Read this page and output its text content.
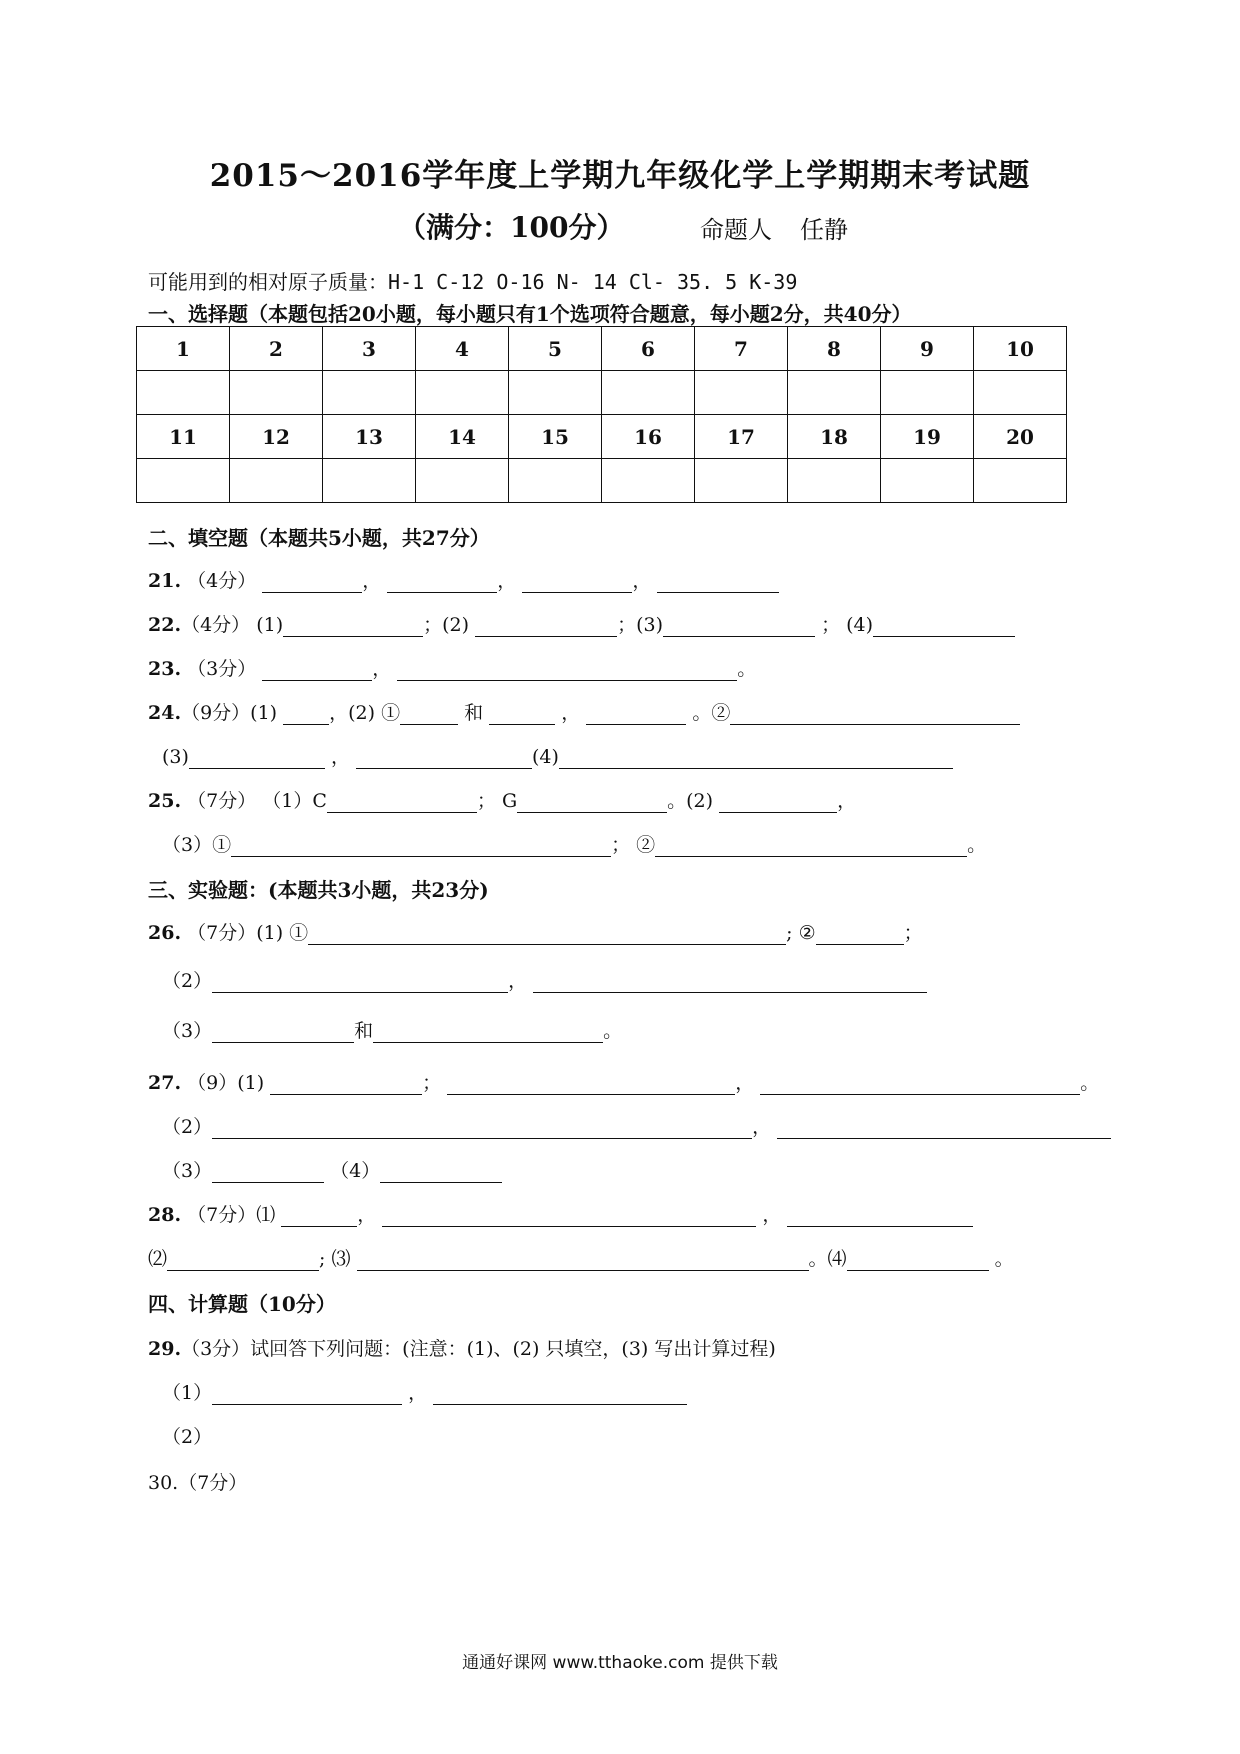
2015～2016学年度上学期九年级化学上学期期末考试题
（满分：100分）	命题人 任静
可能用到的相对原子质量：H-1 C-12 O-16 N- 14 Cl- 35. 5 K-39
一、选择题（本题包括20小题，每小题只有1个选项符合题意，每小题2分，共40分）
1	2	3	4	5	6	7	8	9	10

11	12	13	14	15	16	17	18	19	20

二、填空题（本题共5小题，共27分）
21. （4分）	，	，	，
22.（4分） (1)	；(2)	；(3)	； (4)
23. （3分）	，	。
24.（9分）(1)	，(2) ①	和	，	。②
(3)	，	(4)
25. （7分） （1）C	； G	。(2)	，
（3）①	； ②	。
三、实验题：(本题共3小题，共23分)
26. （7分）(1) ①	; ②	；
（2）	，
（3）	和	。
27. （9）(1)	；	，	。
（2）	，
（3）	（4）
28. （7分）⑴	，	，
⑵	; ⑶	。⑷	。
四、计算题（10分）
29.（3分）试回答下列问题：(注意：(1)、(2) 只填空，(3) 写出计算过程)
（1）	，
（2）
30.（7分）
通通好课网 www.tthaoke.com 提供下载
